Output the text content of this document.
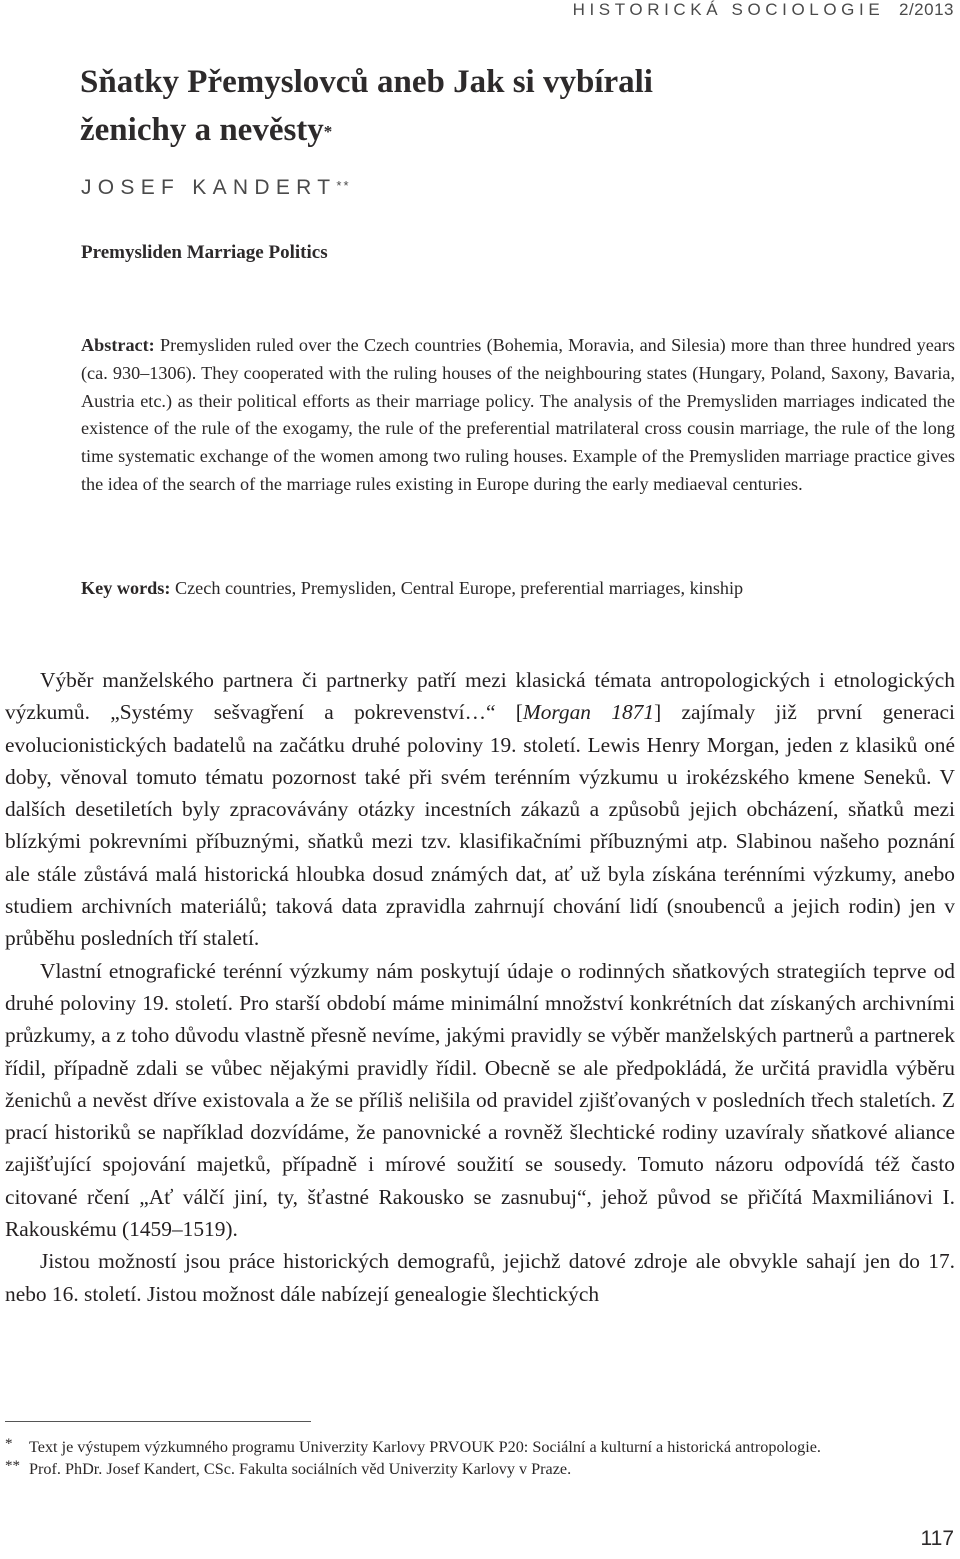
HISTORICKÁ SOCIOLOGIE 2/2013
Sňatky Přemyslovců aneb Jak si vybírali
ženichy a nevěsty*
JOSEF KANDERT**
Premysliden Marriage Politics

Abstract: Premysliden ruled over the Czech countries (Bohemia, Moravia, and Silesia) more than three hundred years (ca. 930–1306). They cooperated with the ruling houses of the neighbouring states (Hungary, Poland, Saxony, Bavaria, Austria etc.) as their political efforts as their marriage policy. The analysis of the Premysliden marriages indicated the existence of the rule of the exogamy, the rule of the preferential matrilateral cross cousin marriage, the rule of the long time systematic exchange of the women among two ruling houses. Example of the Premysliden marriage practice gives the idea of the search of the marriage rules existing in Europe during the early mediaeval centuries.

Key words: Czech countries, Premysliden, Central Europe, preferential marriages, kinship

Výběr manželského partnera či partnerky patří mezi klasická témata antropologických i etnologických výzkumů. „Systémy sešvagření a pokrevenství…“ [Morgan 1871] zajímaly již první generaci evolucionistických badatelů na začátku druhé poloviny 19. století. Lewis Henry Morgan, jeden z klasiků oné doby, věnoval tomuto tématu pozornost také při svém terénním výzkumu u irokézského kmene Seneků. V dalších desetiletích byly zpracovávány otázky incestních zákazů a způsobů jejich obcházení, sňatků mezi blízkými pokrevními příbuznými, sňatků mezi tzv. klasifikačními příbuznými atp. Slabinou našeho poznání ale stále zůstává malá historická hloubka dosud známých dat, ať už byla získána terénními výzkumy, anebo studiem archivních materiálů; taková data zpravidla zahrnují chování lidí (snoubenců a jejich rodin) jen v průběhu posledních tří staletí.

Vlastní etnografické terénní výzkumy nám poskytují údaje o rodinných sňatkových strategiích teprve od druhé poloviny 19. století. Pro starší období máme minimální množství konkrétních dat získaných archivními průzkumy, a z toho důvodu vlastně přesně nevíme, jakými pravidly se výběr manželských partnerů a partnerek řídil, případně zdali se vůbec nějakými pravidly řídil. Obecně se ale předpokládá, že určitá pravidla výběru ženichů a nevěst dříve existovala a že se příliš nelišila od pravidel zjišťovaných v posledních třech staletích. Z prací historiků se například dozvídáme, že panovnické a rovněž šlechtické rodiny uzavíraly sňatkové aliance zajišťující spojování majetků, případně i mírové soužití se sousedy. Tomuto názoru odpovídá též často citované rčení „Ať válčí jiní, ty, šťastné Rakousko se zasnubuj“, jehož původ se přičítá Maxmiliánovi I. Rakouskému (1459–1519).

Jistou možností jsou práce historických demografů, jejichž datové zdroje ale obvykle sahají jen do 17. nebo 16. století. Jistou možnost dále nabízejí genealogie šlechtických

* Text je výstupem výzkumného programu Univerzity Karlovy PRVOUK P20: Sociální a kulturní a historická antropologie.

** Prof. PhDr. Josef Kandert, CSc. Fakulta sociálních věd Univerzity Karlovy v Praze.

117
